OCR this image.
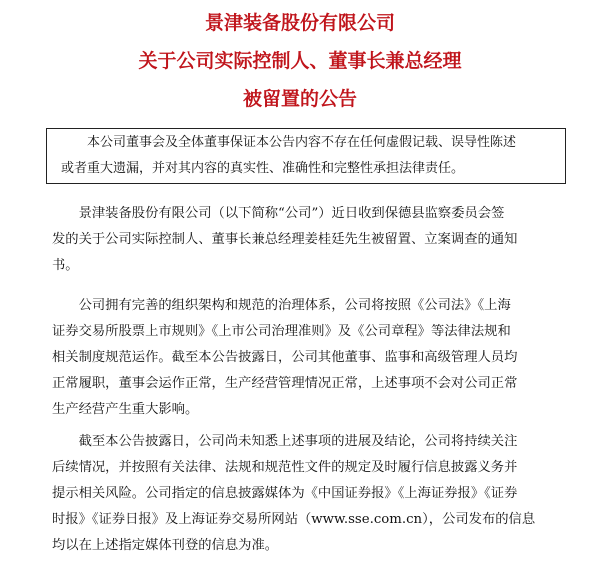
景津装备股份有限公司
关于公司实际控制人、董事长兼总经理
被留置的公告
本公司董事会及全体董事保证本公告内容不存在任何虚假记载、误导性陈述
或者重大遗漏，并对其内容的真实性、准确性和完整性承担法律责任。
　　景津装备股份有限公司（以下简称“公司”）近日收到保德县监察委员会签
发的关于公司实际控制人、董事长兼总经理姜桂廷先生被留置、立案调查的通知
书。
　　公司拥有完善的组织架构和规范的治理体系，公司将按照《公司法》《上海
证券交易所股票上市规则》《上市公司治理准则》及《公司章程》等法律法规和
相关制度规范运作。截至本公告披露日，公司其他董事、监事和高级管理人员均
正常履职，董事会运作正常，生产经营管理情况正常，上述事项不会对公司正常
生产经营产生重大影响。
　　截至本公告披露日，公司尚未知悉上述事项的进展及结论，公司将持续关注
后续情况，并按照有关法律、法规和规范性文件的规定及时履行信息披露义务并
提示相关风险。公司指定的信息披露媒体为《中国证券报》《上海证券报》《证券
时报》《证券日报》及上海证券交易所网站（www.sse.com.cn），公司发布的信息
均以在上述指定媒体刊登的信息为准。
